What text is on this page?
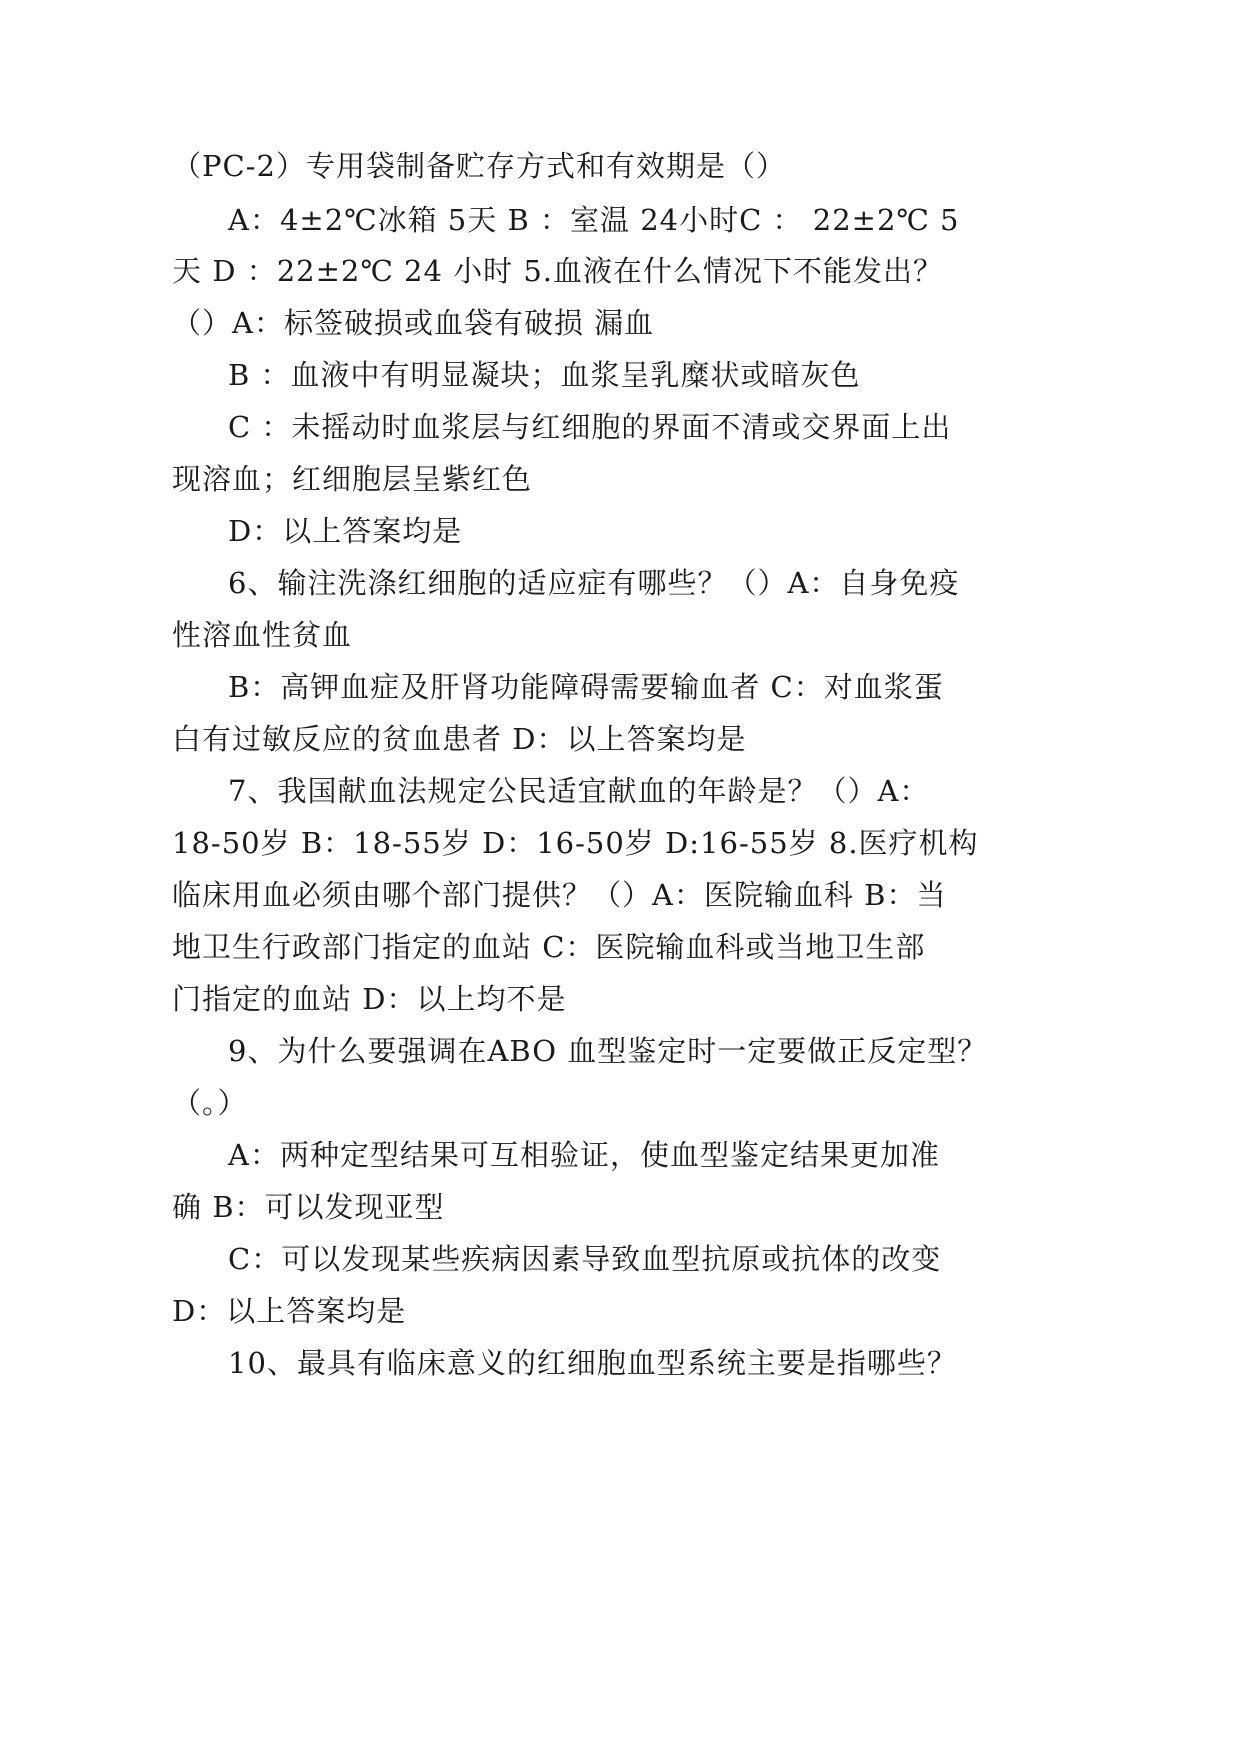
（PC-2）专用袋制备贮存方式和有效期是（）
A：4±2℃冰箱 5天 B ：室温 24小时C ： 22±2℃ 5
天 D ：22±2℃ 24 小时 5.血液在什么情况下不能发出？
（）A：标签破损或血袋有破损 漏血
B ：血液中有明显凝块；血浆呈乳糜状或暗灰色
C ：未摇动时血浆层与红细胞的界面不清或交界面上出
现溶血；红细胞层呈紫红色
D：以上答案均是
6、输注洗涤红细胞的适应症有哪些？（）A：自身免疫
性溶血性贫血
B：高钾血症及肝肾功能障碍需要输血者 C：对血浆蛋
白有过敏反应的贫血患者 D：以上答案均是
7、我国献血法规定公民适宜献血的年龄是？（）A：
18-50岁 B：18-55岁 D：16-50岁 D:16-55岁 8.医疗机构
临床用血必须由哪个部门提供？（）A：医院输血科 B：当
地卫生行政部门指定的血站 C：医院输血科或当地卫生部
门指定的血站 D：以上均不是
9、为什么要强调在ABO 血型鉴定时一定要做正反定型？
（。）
A：两种定型结果可互相验证，使血型鉴定结果更加准
确 B：可以发现亚型
C：可以发现某些疾病因素导致血型抗原或抗体的改变
D：以上答案均是
10、最具有临床意义的红细胞血型系统主要是指哪些？
